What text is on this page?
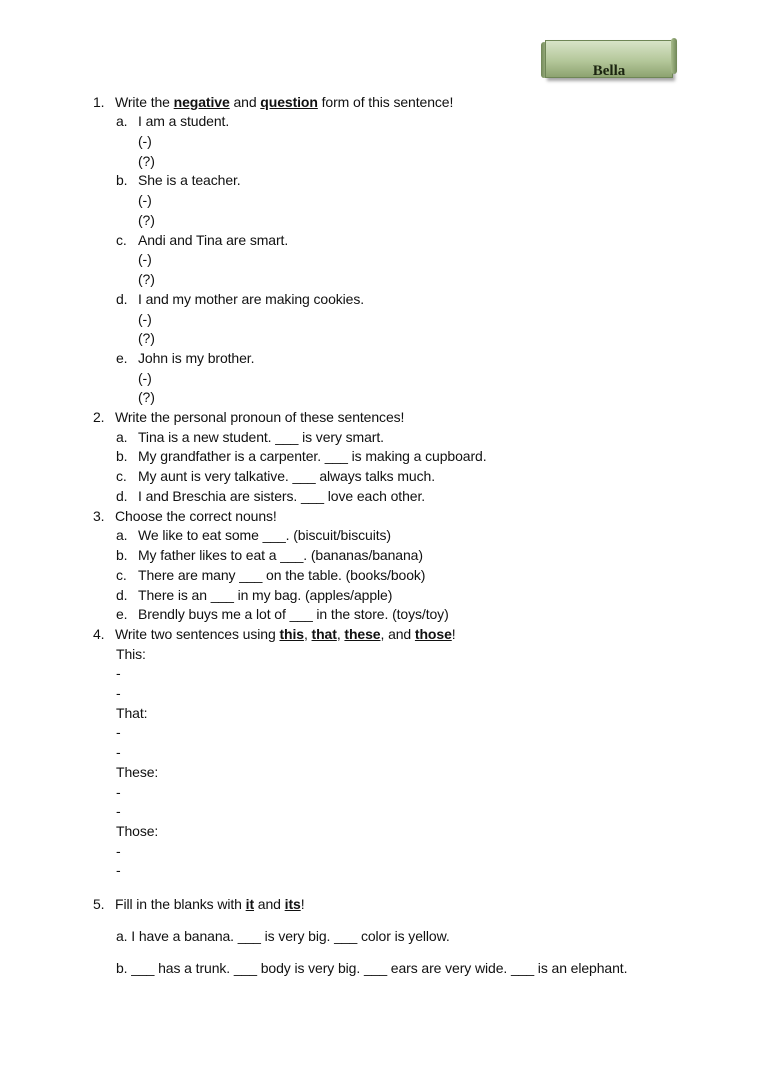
Bella
1. Write the negative and question form of this sentence!
a. I am a student.
(-)
(?)
b. She is a teacher.
(-)
(?)
c. Andi and Tina are smart.
(-)
(?)
d. I and my mother are making cookies.
(-)
(?)
e. John is my brother.
(-)
(?)
2. Write the personal pronoun of these sentences!
a. Tina is a new student. ___ is very smart.
b. My grandfather is a carpenter. ___ is making a cupboard.
c. My aunt is very talkative. ___ always talks much.
d. I and Breschia are sisters. ___ love each other.
3. Choose the correct nouns!
a. We like to eat some ___. (biscuit/biscuits)
b. My father likes to eat a ___. (bananas/banana)
c. There are many ___ on the table. (books/book)
d. There is an ___ in my bag. (apples/apple)
e. Brendly buys me a lot of ___ in the store. (toys/toy)
4. Write two sentences using this, that, these, and those!
This:
-
-
That:
-
-
These:
-
-
Those:
-
-
5. Fill in the blanks with it and its!
a. I have a banana. ___ is very big. ___ color is yellow.
b. ___ has a trunk. ___ body is very big. ___ ears are very wide. ___ is an elephant.
